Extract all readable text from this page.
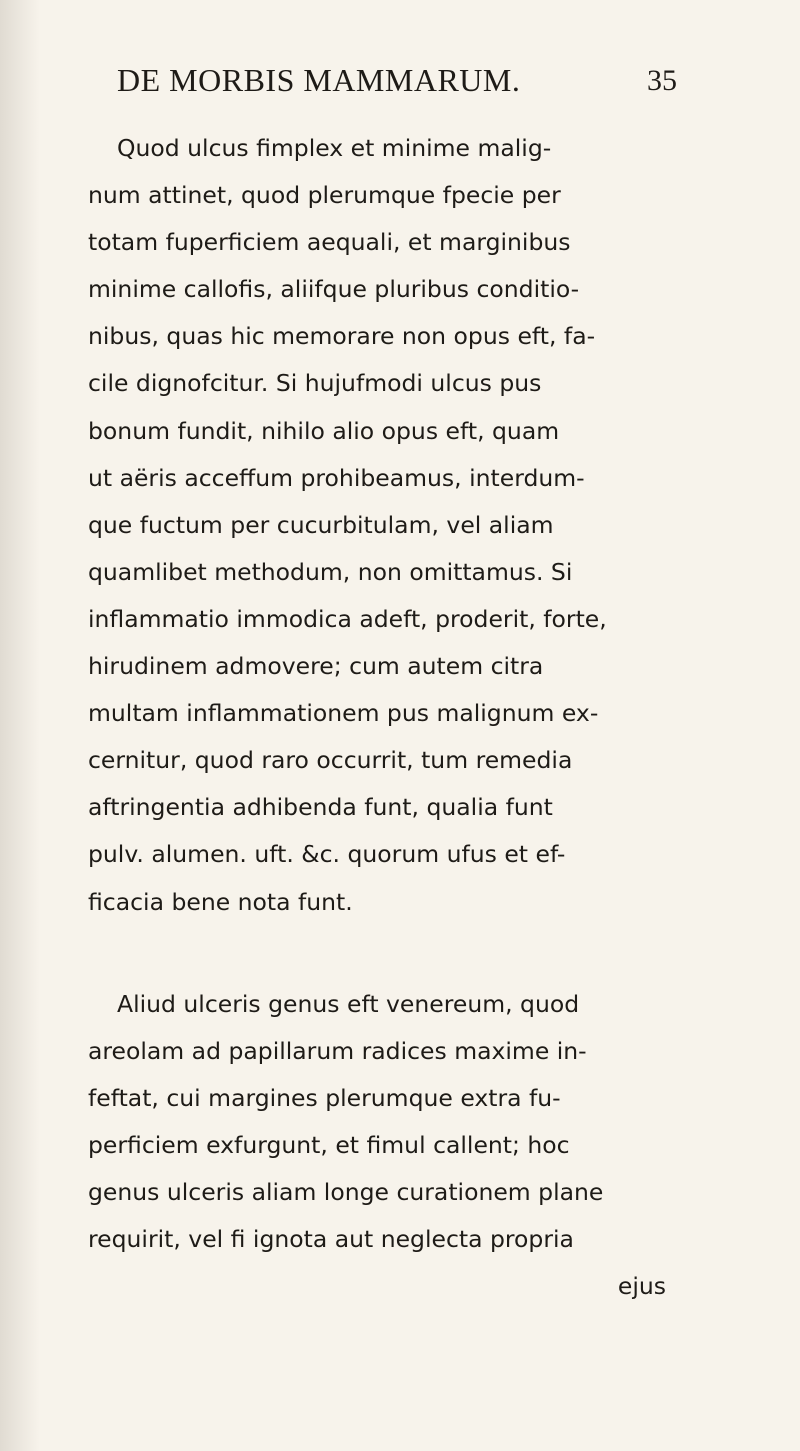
DE MORBIS MAMMARUM.	35
Quod ulcus fimplex et minime malig-
num attinet, quod plerumque fpecie per
totam fuperficiem aequali, et marginibus
minime callofis, aliifque pluribus conditio-
nibus, quas hic memorare non opus eft, fa-
cile dignofcitur. Si hujufmodi ulcus pus
bonum fundit, nihilo alio opus eft, quam
ut aëris acceffum prohibeamus, interdum-
que fuctum per cucurbitulam, vel aliam
quamlibet methodum, non omittamus. Si
inflammatio immodica adeft, proderit, forte,
hirudinem admovere; cum autem citra
multam inflammationem pus malignum ex-
cernitur, quod raro occurrit, tum remedia
aftringentia adhibenda funt, qualia funt
pulv. alumen. uft. &c. quorum ufus et ef-
ficacia bene nota funt.
Aliud ulceris genus eft venereum, quod
areolam ad papillarum radices maxime in-
feftat, cui margines plerumque extra fu-
perficiem exfurgunt, et fimul callent; hoc
genus ulceris aliam longe curationem plane
requirit, vel fi ignota aut neglecta propria
ejus
